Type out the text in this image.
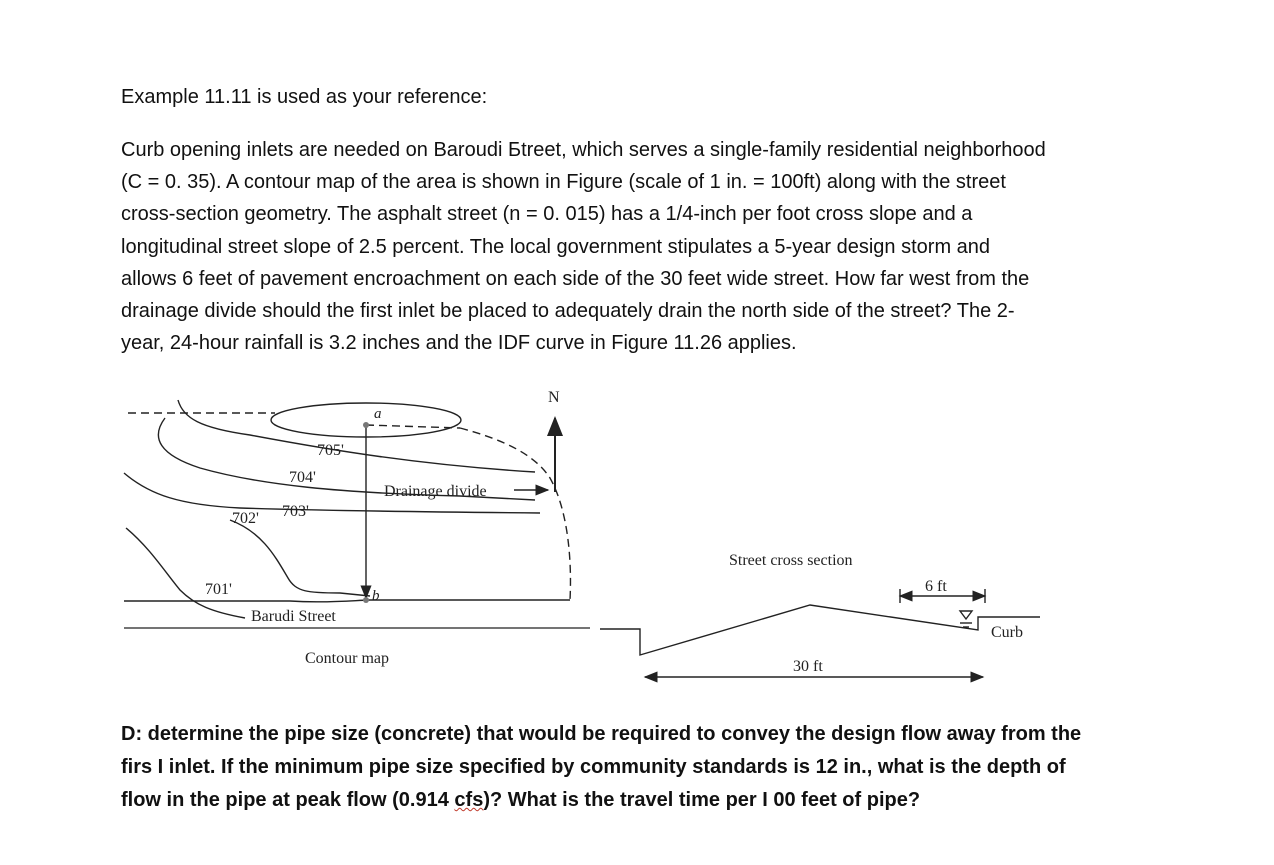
Example 11.11 is used as your reference:
Curb opening inlets are needed on Baroudi Бtreet, which serves a single-family residential neighborhood
(C = 0. 35). A contour map of the area is shown in Figure (scale of 1 in. = 100ft) along with the street
cross-section geometry. The asphalt street (n = 0. 015) has a 1/4-inch per foot cross slope and a
longitudinal street slope of 2.5 percent. The local government stipulates a 5-year design storm and
allows 6 feet of pavement encroachment on each side of the 30 feet wide street. How far west from the
drainage divide should the first inlet be placed to adequately drain the north side of the street? The 2-
year, 24-hour rainfall is 3.2 inches and the IDF curve in Figure 11.26 applies.
705'
704'
703'
702'
701'
a
b
N
Drainage divide
Barudi Street
Contour map
Street cross section
6 ft
30 ft
Curb
D: determine the pipe size (concrete) that would be required to convey the design flow away from the
firs I inlet. If the minimum pipe size specified by community standards is 12 in., what is the depth of
flow in the pipe at peak flow (0.914 cfs)? What is the travel time per I 00 feet of pipe?
